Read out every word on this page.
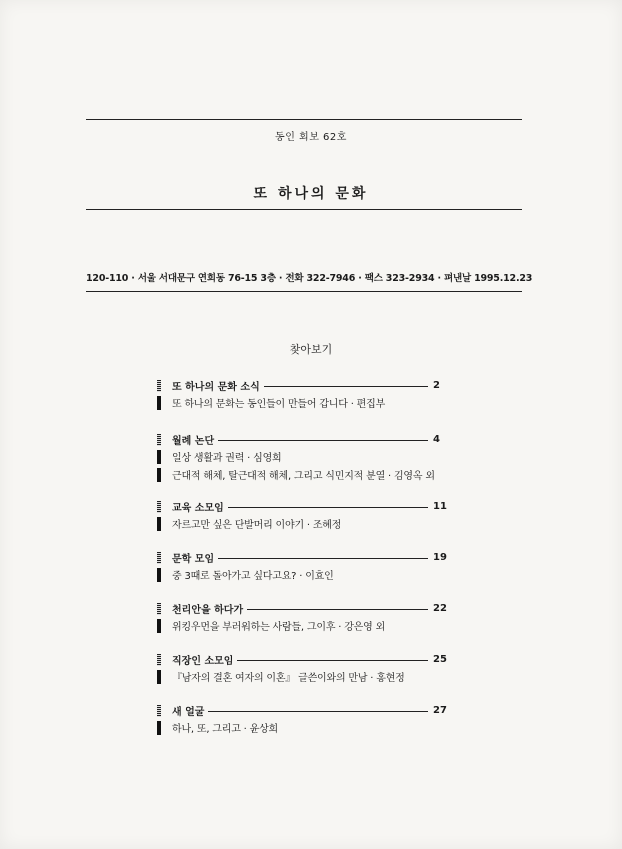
동인 회보 62호
또 하나의 문화
120-110 · 서울 서대문구 연희동 76-15 3층 · 전화 322-7946 · 팩스 323-2934 · 펴낸날 1995.12.23
찾아보기
또 하나의 문화 소식	2
또 하나의 문화는 동인들이 만들어 갑니다 · 편집부
월례 논단	4
일상 생활과 권력 · 심영희
근대적 해체, 탈근대적 해체, 그리고 식민지적 분열 · 김영옥 외
교육 소모임	11
자르고만 싶은 단발머리 이야기 · 조혜정
문학 모임	19
중 3때로 돌아가고 싶다고요? · 이효인
천리안을 하다가	22
위킹우먼을 부러워하는 사람들, 그이후 · 강은영 외
직장인 소모임	25
『남자의 결혼 여자의 이혼』 글쓴이와의 만남 · 홍현정
새 얼굴	27
하나, 또, 그리고 · 윤상희
